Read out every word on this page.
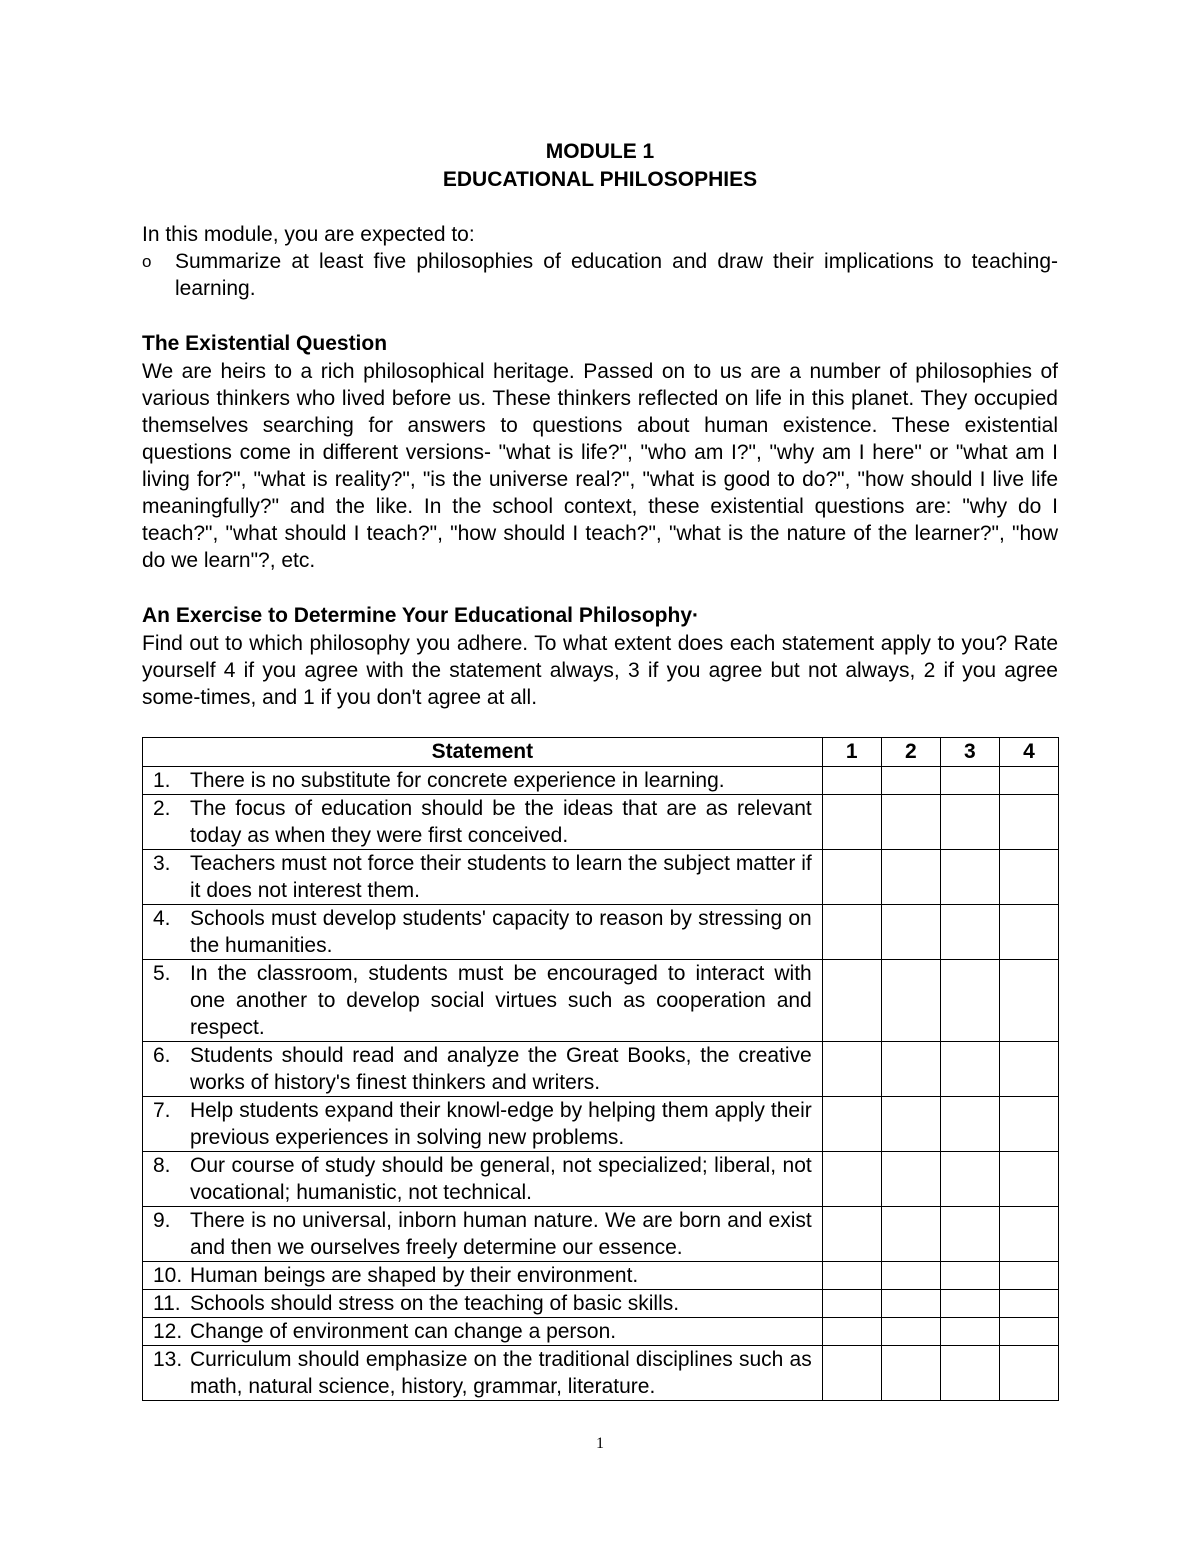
MODULE 1
EDUCATIONAL PHILOSOPHIES

In this module, you are expected to:

o	Summarize at least five philosophies of education and draw their implications to teaching-learning.
The Existential Question

We are heirs to a rich philosophical heritage. Passed on to us are a number of philosophies of various thinkers who lived before us. These thinkers reflected on life in this planet. They occupied themselves searching for answers to questions about human existence. These existential questions come in different versions- "what is life?", "who am I?", "why am I here" or "what am I living for?", "what is reality?", "is the universe real?", "what is good to do?", "how should I live life meaningfully?" and the like. In the school context, these existential questions are: "why do I teach?", "what should I teach?", "how should I teach?", "what is the nature of the learner?", "how do we learn"?, etc.

An Exercise to Determine Your Educational Philosophy·

Find out to which philosophy you adhere. To what extent does each statement apply to you? Rate yourself 4 if you agree with the statement always, 3 if you agree but not always, 2 if you agree some-times, and 1 if you don't agree at all.

Statement	1	2	3	4

1. There is no substitute for concrete experience in learning.				

2. The focus of education should be the ideas that are as relevant today as when they were first conceived.				

3. Teachers must not force their students to learn the subject matter if it does not interest them.				

4. Schools must develop students' capacity to reason by stressing on the humanities.				

5. In the classroom, students must be encouraged to interact with one another to develop social virtues such as cooperation and respect.				

6. Students should read and analyze the Great Books, the creative works of history's finest thinkers and writers.				

7. Help students expand their knowl-edge by helping them apply their previous experiences in solving new problems.				

8. Our course of study should be general, not specialized; liberal, not vocational; humanistic, not technical.				

9. There is no universal, inborn human nature. We are born and exist and then we ourselves freely determine our essence.				

10. Human beings are shaped by their environment.				

11. Schools should stress on the teaching of basic skills.				

12. Change of environment can change a person.				

13. Curriculum should emphasize on the traditional disciplines such as math, natural science, history, grammar, literature.				

1
